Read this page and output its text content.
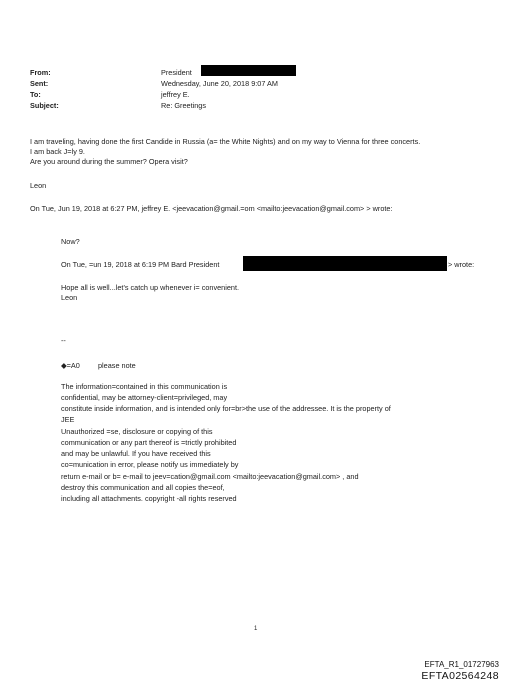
From:	President
Sent:	Wednesday, June 20, 2018 9:07 AM
To:	jeffrey E.
Subject:	Re: Greetings
I am traveling, having done the first Candide in Russia (a= the White Nights) and on my way to Vienna for three concerts.
I am back J=ly 9.
Are you around during the summer? Opera visit?
Leon
On Tue, Jun 19, 2018 at 6:27 PM, jeffrey E. <jeevacation@gmail.=om <mailto:jeevacation@gmail.com> > wrote:
Now?
On Tue, =un 19, 2018 at 6:19 PM Bard President	> wrote:
Hope all is well...let's catch up whenever i= convenient.
Leon
--
◆=A0 please note
The information=contained in this communication is
confidential, may be attorney-client=privileged, may
constitute inside information, and is intended only for=br>the use of the addressee. It is the property of
JEE
Unauthorized =se, disclosure or copying of this
communication or any part thereof is =trictly prohibited
and may be unlawful. If you have received this
co=munication in error, please notify us immediately by
return e-mail or b= e-mail to jeev=cation@gmail.com <mailto:jeevacation@gmail.com> , and
destroy this communication and all copies the=eof,
including all attachments. copyright -all rights reserved
1
EFTA_R1_01727963
EFTA02564248
